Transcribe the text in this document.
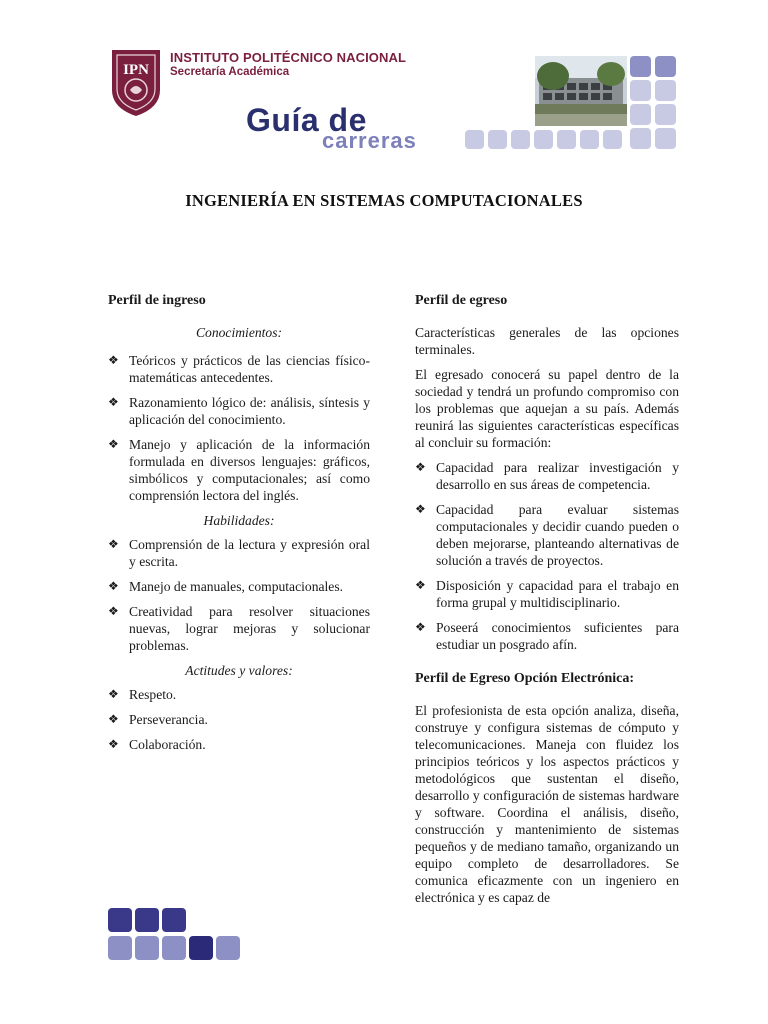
IPN
INSTITUTO POLITÉCNICO NACIONAL
Secretaría Académica
Guía de
carreras
INGENIERÍA EN SISTEMAS COMPUTACIONALES
Perfil de ingreso

Conocimientos:

❖ Teóricos y prácticos de las ciencias físico-matemáticas antecedentes.
❖ Razonamiento lógico de: análisis, síntesis y aplicación del conocimiento.
❖ Manejo y aplicación de la información formulada en diversos lenguajes: gráficos, simbólicos y computacionales; así como comprensión lectora del inglés.

Habilidades:

❖ Comprensión de la lectura y expresión oral y escrita.
❖ Manejo de manuales, computacionales.
❖ Creatividad para resolver situaciones nuevas, lograr mejoras y solucionar problemas.

Actitudes y valores:

❖ Respeto.
❖ Perseverancia.
❖ Colaboración.
Perfil de egreso

Características generales de las opciones terminales.

El egresado conocerá su papel dentro de la sociedad y tendrá un profundo compromiso con los problemas que aquejan a su país. Además reunirá las siguientes características específicas al concluir su formación:

❖ Capacidad para realizar investigación y desarrollo en sus áreas de competencia.
❖ Capacidad para evaluar sistemas computacionales y decidir cuando pueden o deben mejorarse, planteando alternativas de solución a través de proyectos.
❖ Disposición y capacidad para el trabajo en forma grupal y multidisciplinario.
❖ Poseerá conocimientos suficientes para estudiar un posgrado afín.
Perfil de Egreso Opción Electrónica:

El profesionista de esta opción analiza, diseña, construye y configura sistemas de cómputo y telecomunicaciones. Maneja con fluidez los principios teóricos y los aspectos prácticos y metodológicos que sustentan el diseño, desarrollo y configuración de sistemas hardware y software. Coordina el análisis, diseño, construcción y mantenimiento de sistemas pequeños y de mediano tamaño, organizando un equipo completo de desarrolladores. Se comunica eficazmente con un ingeniero en electrónica y es capaz de
